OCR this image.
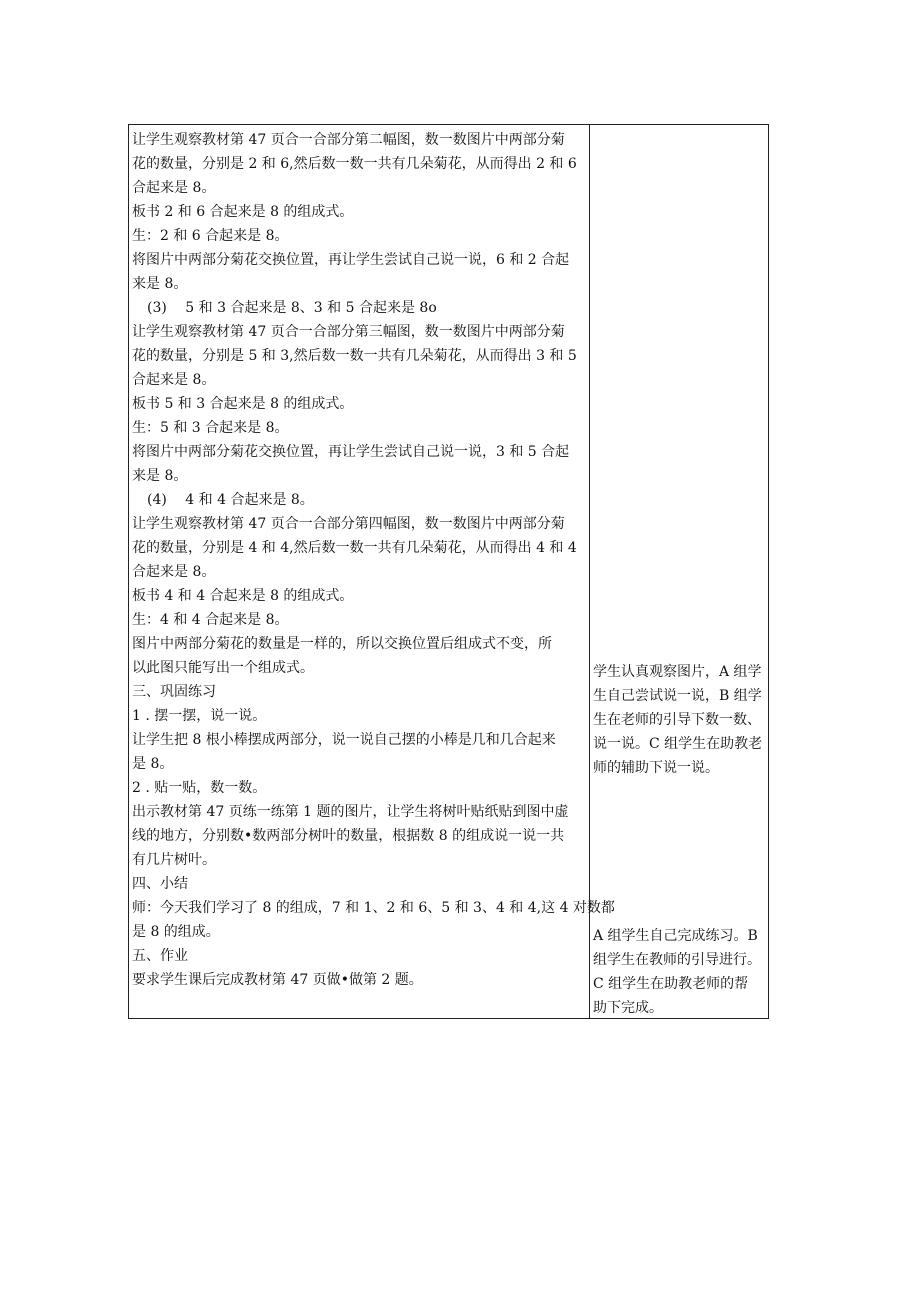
让学生观察教材第 47 页合一合部分第二幅图，数一数图片中两部分菊
花的数量，分别是 2 和 6,然后数一数一共有几朵菊花，从而得出 2 和 6
合起来是 8。
板书 2 和 6 合起来是 8 的组成式。
生：2 和 6 合起来是 8。
将图片中两部分菊花交换位置，再让学生尝试自己说一说，6 和 2 合起
来是 8。
(3)　 5 和 3 合起来是 8、3 和 5 合起来是 8o
让学生观察教材第 47 页合一合部分第三幅图，数一数图片中两部分菊
花的数量，分别是 5 和 3,然后数一数一共有几朵菊花，从而得出 3 和 5
合起来是 8。
板书 5 和 3 合起来是 8 的组成式。
生：5 和 3 合起来是 8。
将图片中两部分菊花交换位置，再让学生尝试自己说一说，3 和 5 合起
来是 8。
(4)　 4 和 4 合起来是 8。
让学生观察教材第 47 页合一合部分第四幅图，数一数图片中两部分菊
花的数量，分别是 4 和 4,然后数一数一共有几朵菊花，从而得出 4 和 4
合起来是 8。
板书 4 和 4 合起来是 8 的组成式。
生：4 和 4 合起来是 8。
图片中两部分菊花的数量是一样的，所以交换位置后组成式不变，所
以此图只能写出一个组成式。
三、巩固练习
1 . 摆一摆，说一说。
让学生把 8 根小棒摆成两部分，说一说自己摆的小棒是几和几合起来
是 8。
2 . 贴一贴，数一数。
出示教材第 47 页练一练第 1 题的图片，让学生将树叶贴纸贴到图中虚
线的地方，分别数•数两部分树叶的数量，根据数 8 的组成说一说一共
有几片树叶。
四、小结
师：今天我们学习了 8 的组成，7 和 1、2 和 6、5 和 3、4 和 4,这 4 对数都
是 8 的组成。
五、作业
要求学生课后完成教材第 47 页做•做第 2 题。
学生认真观察图片，A 组学
生自己尝试说一说，B 组学
生在老师的引导下数一数、
说一说。C 组学生在助教老
师的辅助下说一说。
A 组学生自己完成练习。B
组学生在教师的引导进行。
C 组学生在助教老师的帮
助下完成。
